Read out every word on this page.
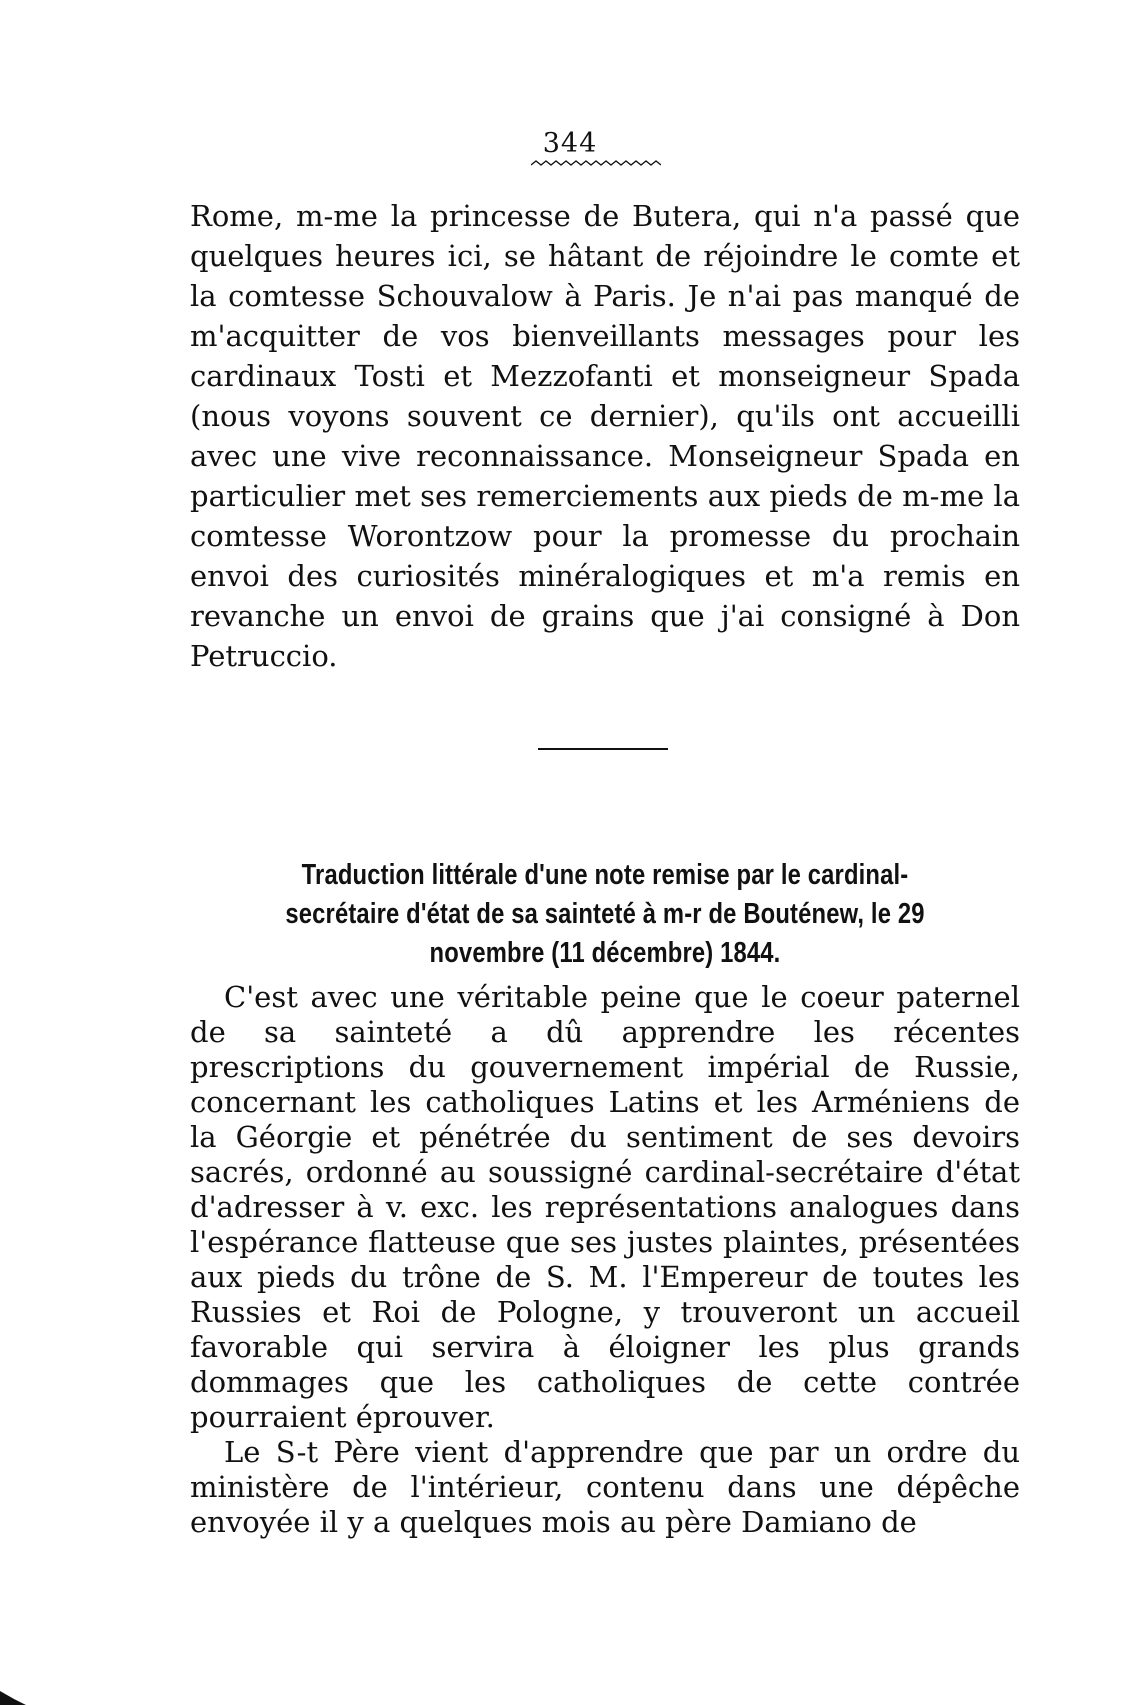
344

Rome, m-me la princesse de Butera, qui n'a passé que quelques heures ici, se hâtant de réjoindre le comte et la comtesse Schouvalow à Paris. Je n'ai pas manqué de m'acquitter de vos bienveillants messages pour les cardinaux Tosti et Mezzofanti et monseigneur Spada (nous voyons souvent ce dernier), qu'ils ont accueilli avec une vive reconnaissance. Monseigneur Spada en particulier met ses remerciements aux pieds de m-me la comtesse Worontzow pour la promesse du prochain envoi des curiosités minéralogiques et m'a remis en revanche un envoi de grains que j'ai consigné à Don Petruccio.

Traduction littérale d'une note remise par le cardinal-secrétaire d'état de sa sainteté à m-r de Bouténew, le 29 novembre (11 décembre) 1844.

C'est avec une véritable peine que le coeur paternel de sa sainteté a dû apprendre les récentes prescriptions du gouvernement impérial de Russie, concernant les catholiques Latins et les Arméniens de la Géorgie et pénétrée du sentiment de ses devoirs sacrés, ordonné au soussigné cardinal-secrétaire d'état d'adresser à v. exc. les représentations analogues dans l'espérance flatteuse que ses justes plaintes, présentées aux pieds du trône de S. M. l'Empereur de toutes les Russies et Roi de Pologne, y trouveront un accueil favorable qui servira à éloigner les plus grands dommages que les catholiques de cette contrée pourraient éprouver.

Le S-t Père vient d'apprendre que par un ordre du ministère de l'intérieur, contenu dans une dépêche envoyée il y a quelques mois au père Damiano de
